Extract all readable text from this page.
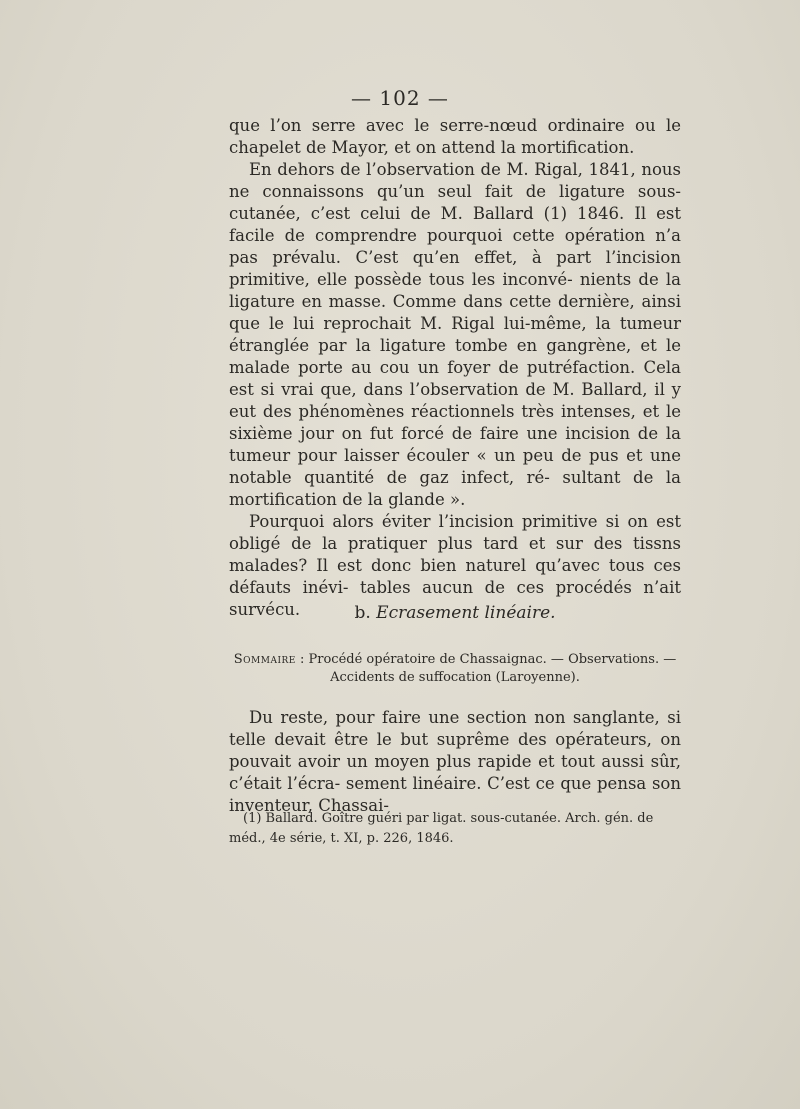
— 102 —

que l’on serre avec le serre-nœud ordinaire ou le chapelet de Mayor, et on attend la mortification.

En dehors de l’observation de M. Rigal, 1841, nous ne connaissons qu’un seul fait de ligature sous-cutanée, c’est celui de M. Ballard (1) 1846. Il est facile de comprendre pourquoi cette opération n’a pas prévalu. C’est qu’en effet, à part l’incision primitive, elle possède tous les inconvé- nients de la ligature en masse. Comme dans cette dernière, ainsi que le lui reprochait M. Rigal lui-même, la tumeur étranglée par la ligature tombe en gangrène, et le malade porte au cou un foyer de putréfaction. Cela est si vrai que, dans l’observation de M. Ballard, il y eut des phénomènes réactionnels très intenses, et le sixième jour on fut forcé de faire une incision de la tumeur pour laisser écouler « un peu de pus et une notable quantité de gaz infect, ré- sultant de la mortification de la glande ».

Pourquoi alors éviter l’incision primitive si on est obligé de la pratiquer plus tard et sur des tissns malades? Il est donc bien naturel qu’avec tous ces défauts inévi- tables aucun de ces procédés n’ait survécu.	b. Ecrasement linéaire.
Sommaire : Procédé opératoire de Chassaignac. — Observations. — Accidents de suffocation (Laroyenne).

Du reste, pour faire une section non sanglante, si telle devait être le but suprême des opérateurs, on pouvait avoir un moyen plus rapide et tout aussi sûr, c’était l’écra- sement linéaire. C’est ce que pensa son inventeur, Chassai-

(1) Ballard. Goître guéri par ligat. sous-cutanée. Arch. gén. de méd., 4e série, t. XI, p. 226, 1846.
